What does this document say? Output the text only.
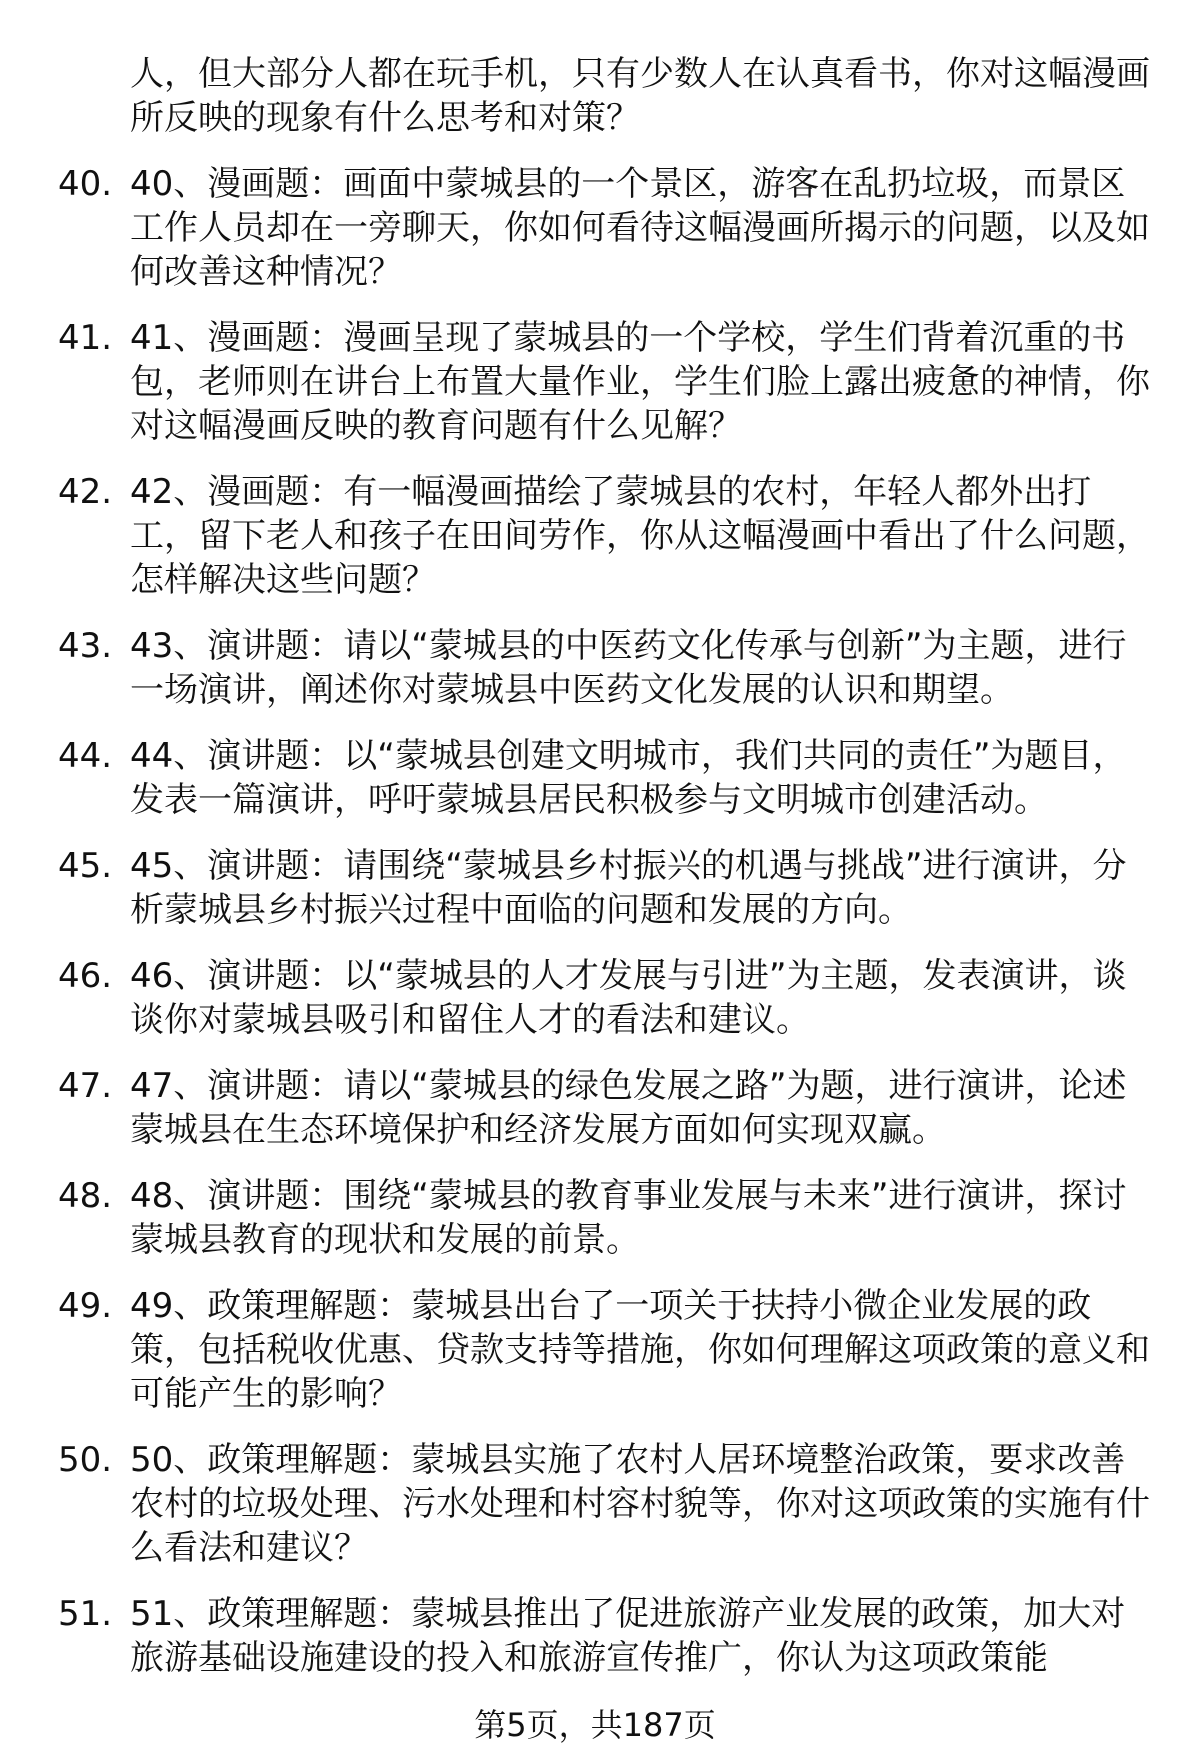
人，但大部分人都在玩手机，只有少数人在认真看书，你对这幅漫画所反映的现象有什么思考和对策？
40. 40、漫画题：画面中蒙城县的一个景区，游客在乱扔垃圾，而景区工作人员却在一旁聊天，你如何看待这幅漫画所揭示的问题，以及如何改善这种情况？
41. 41、漫画题：漫画呈现了蒙城县的一个学校，学生们背着沉重的书包，老师则在讲台上布置大量作业，学生们脸上露出疲惫的神情，你对这幅漫画反映的教育问题有什么见解？
42. 42、漫画题：有一幅漫画描绘了蒙城县的农村，年轻人都外出打工，留下老人和孩子在田间劳作，你从这幅漫画中看出了什么问题，怎样解决这些问题？
43. 43、演讲题：请以“蒙城县的中医药文化传承与创新”为主题，进行一场演讲，阐述你对蒙城县中医药文化发展的认识和期望。
44. 44、演讲题：以“蒙城县创建文明城市，我们共同的责任”为题目，发表一篇演讲，呼吁蒙城县居民积极参与文明城市创建活动。
45. 45、演讲题：请围绕“蒙城县乡村振兴的机遇与挑战”进行演讲，分析蒙城县乡村振兴过程中面临的问题和发展的方向。
46. 46、演讲题：以“蒙城县的人才发展与引进”为主题，发表演讲，谈谈你对蒙城县吸引和留住人才的看法和建议。
47. 47、演讲题：请以“蒙城县的绿色发展之路”为题，进行演讲，论述蒙城县在生态环境保护和经济发展方面如何实现双赢。
48. 48、演讲题：围绕“蒙城县的教育事业发展与未来”进行演讲，探讨蒙城县教育的现状和发展的前景。
49. 49、政策理解题：蒙城县出台了一项关于扶持小微企业发展的政策，包括税收优惠、贷款支持等措施，你如何理解这项政策的意义和可能产生的影响？
50. 50、政策理解题：蒙城县实施了农村人居环境整治政策，要求改善农村的垃圾处理、污水处理和村容村貌等，你对这项政策的实施有什么看法和建议？
51. 51、政策理解题：蒙城县推出了促进旅游产业发展的政策，加大对旅游基础设施建设的投入和旅游宣传推广，你认为这项政策能
第5页，共187页
